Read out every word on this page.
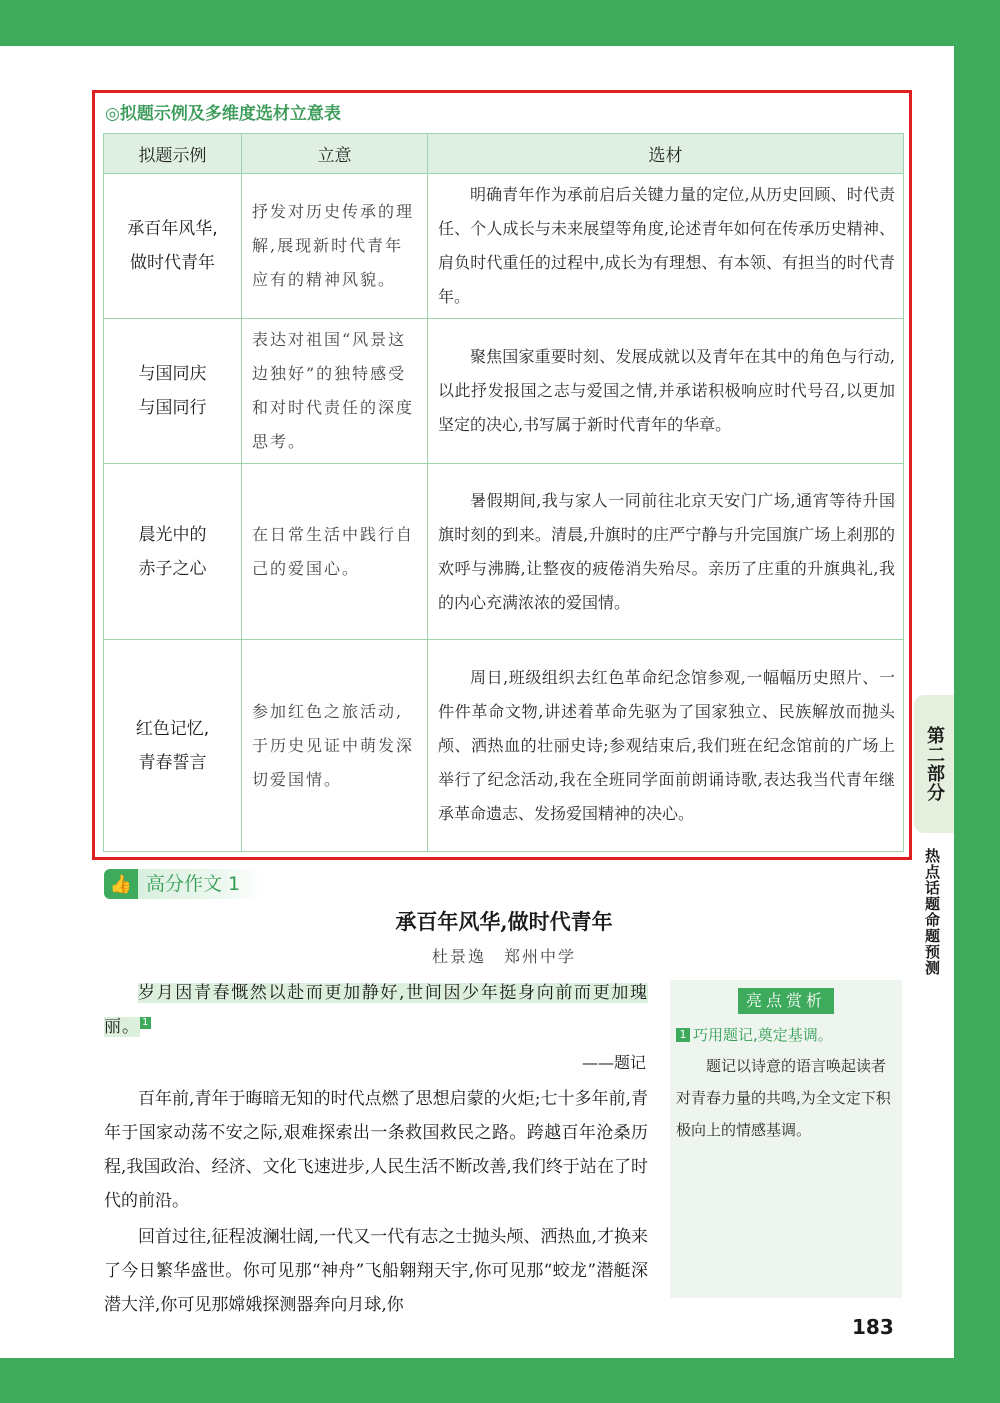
第二部分
热点话题命题预测
◎拟题示例及多维度选材立意表
拟题示例	立意	选材

承百年风华,
做时代青年	抒发对历史传承的理解,展现新时代青年应有的精神风貌。	明确青年作为承前启后关键力量的定位,从历史回顾、时代责任、个人成长与未来展望等角度,论述青年如何在传承历史精神、肩负时代重任的过程中,成长为有理想、有本领、有担当的时代青年。

与国同庆
与国同行	表达对祖国“风景这边独好”的独特感受和对时代责任的深度思考。	聚焦国家重要时刻、发展成就以及青年在其中的角色与行动,以此抒发报国之志与爱国之情,并承诺积极响应时代号召,以更加坚定的决心,书写属于新时代青年的华章。

晨光中的
赤子之心	在日常生活中践行自己的爱国心。	暑假期间,我与家人一同前往北京天安门广场,通宵等待升国旗时刻的到来。清晨,升旗时的庄严宁静与升完国旗广场上刹那的欢呼与沸腾,让整夜的疲倦消失殆尽。亲历了庄重的升旗典礼,我的内心充满浓浓的爱国情。

红色记忆,
青春誓言	参加红色之旅活动,于历史见证中萌发深切爱国情。	周日,班级组织去红色革命纪念馆参观,一幅幅历史照片、一件件革命文物,讲述着革命先驱为了国家独立、民族解放而抛头颅、洒热血的壮丽史诗;参观结束后,我们班在纪念馆前的广场上举行了纪念活动,我在全班同学面前朗诵诗歌,表达我当代青年继承革命遗志、发扬爱国精神的决心。
👍 高分作文 1
承百年风华,做时代青年
杜景逸 郑州中学
岁月因青春慨然以赴而更加静好,世间因少年挺身向前而更加瑰丽。 1
——题记
百年前,青年于晦暗无知的时代点燃了思想启蒙的火炬;七十多年前,青年于国家动荡不安之际,艰难探索出一条救国救民之路。跨越百年沧桑历程,我国政治、经济、文化飞速进步,人民生活不断改善,我们终于站在了时代的前沿。
回首过往,征程波澜壮阔,一代又一代有志之士抛头颅、洒热血,才换来了今日繁华盛世。你可见那“神舟”飞船翱翔天宇,你可见那“蛟龙”潜艇深潜大洋,你可见那嫦娥探测器奔向月球,你
亮点赏析
1 巧用题记,奠定基调。
题记以诗意的语言唤起读者对青春力量的共鸣,为全文定下积极向上的情感基调。
183
